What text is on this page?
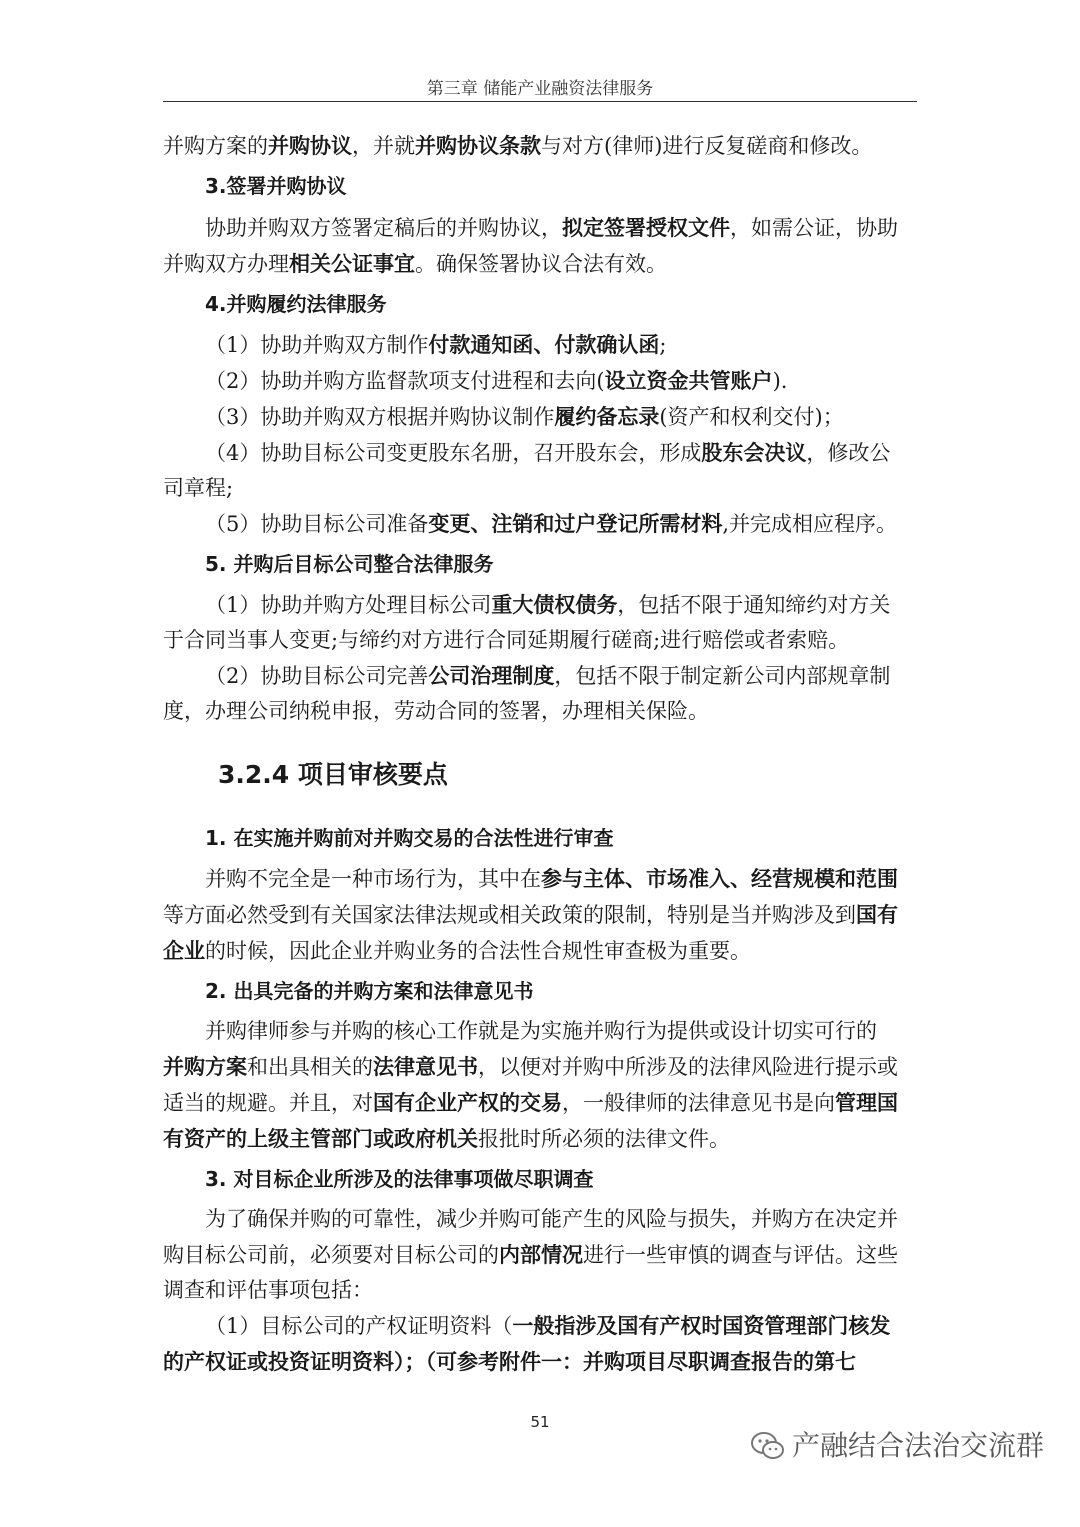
第三章 储能产业融资法律服务

并购方案的并购协议，并就并购协议条款与对方(律师)进行反复磋商和修改。

3.签署并购协议

协助并购双方签署定稿后的并购协议，拟定签署授权文件，如需公证，协助

并购双方办理相关公证事宜。确保签署协议合法有效。

4.并购履约法律服务

（1）协助并购双方制作付款通知函、付款确认函;

（2）协助并购方监督款项支付进程和去向(设立资金共管账户).

（3）协助并购双方根据并购协议制作履约备忘录(资产和权利交付)；

（4）协助目标公司变更股东名册，召开股东会，形成股东会决议，修改公

司章程;

（5）协助目标公司准备变更、注销和过户登记所需材料,并完成相应程序。

5. 并购后目标公司整合法律服务

（1）协助并购方处理目标公司重大债权债务，包括不限于通知缔约对方关

于合同当事人变更;与缔约对方进行合同延期履行磋商;进行赔偿或者索赔。

（2）协助目标公司完善公司治理制度，包括不限于制定新公司内部规章制

度，办理公司纳税申报，劳动合同的签署，办理相关保险。

3.2.4 项目审核要点

1. 在实施并购前对并购交易的合法性进行审查

并购不完全是一种市场行为，其中在参与主体、市场准入、经营规模和范围

等方面必然受到有关国家法律法规或相关政策的限制，特别是当并购涉及到国有

企业的时候，因此企业并购业务的合法性合规性审查极为重要。

2. 出具完备的并购方案和法律意见书

并购律师参与并购的核心工作就是为实施并购行为提供或设计切实可行的

并购方案和出具相关的法律意见书，以便对并购中所涉及的法律风险进行提示或

适当的规避。并且，对国有企业产权的交易，一般律师的法律意见书是向管理国

有资产的上级主管部门或政府机关报批时所必须的法律文件。

3. 对目标企业所涉及的法律事项做尽职调查

为了确保并购的可靠性，减少并购可能产生的风险与损失，并购方在决定并

购目标公司前，必须要对目标公司的内部情况进行一些审慎的调查与评估。这些

调查和评估事项包括：

（1）目标公司的产权证明资料（一般指涉及国有产权时国资管理部门核发

的产权证或投资证明资料）；（可参考附件一：并购项目尽职调查报告的第七

51
产融结合法治交流群
